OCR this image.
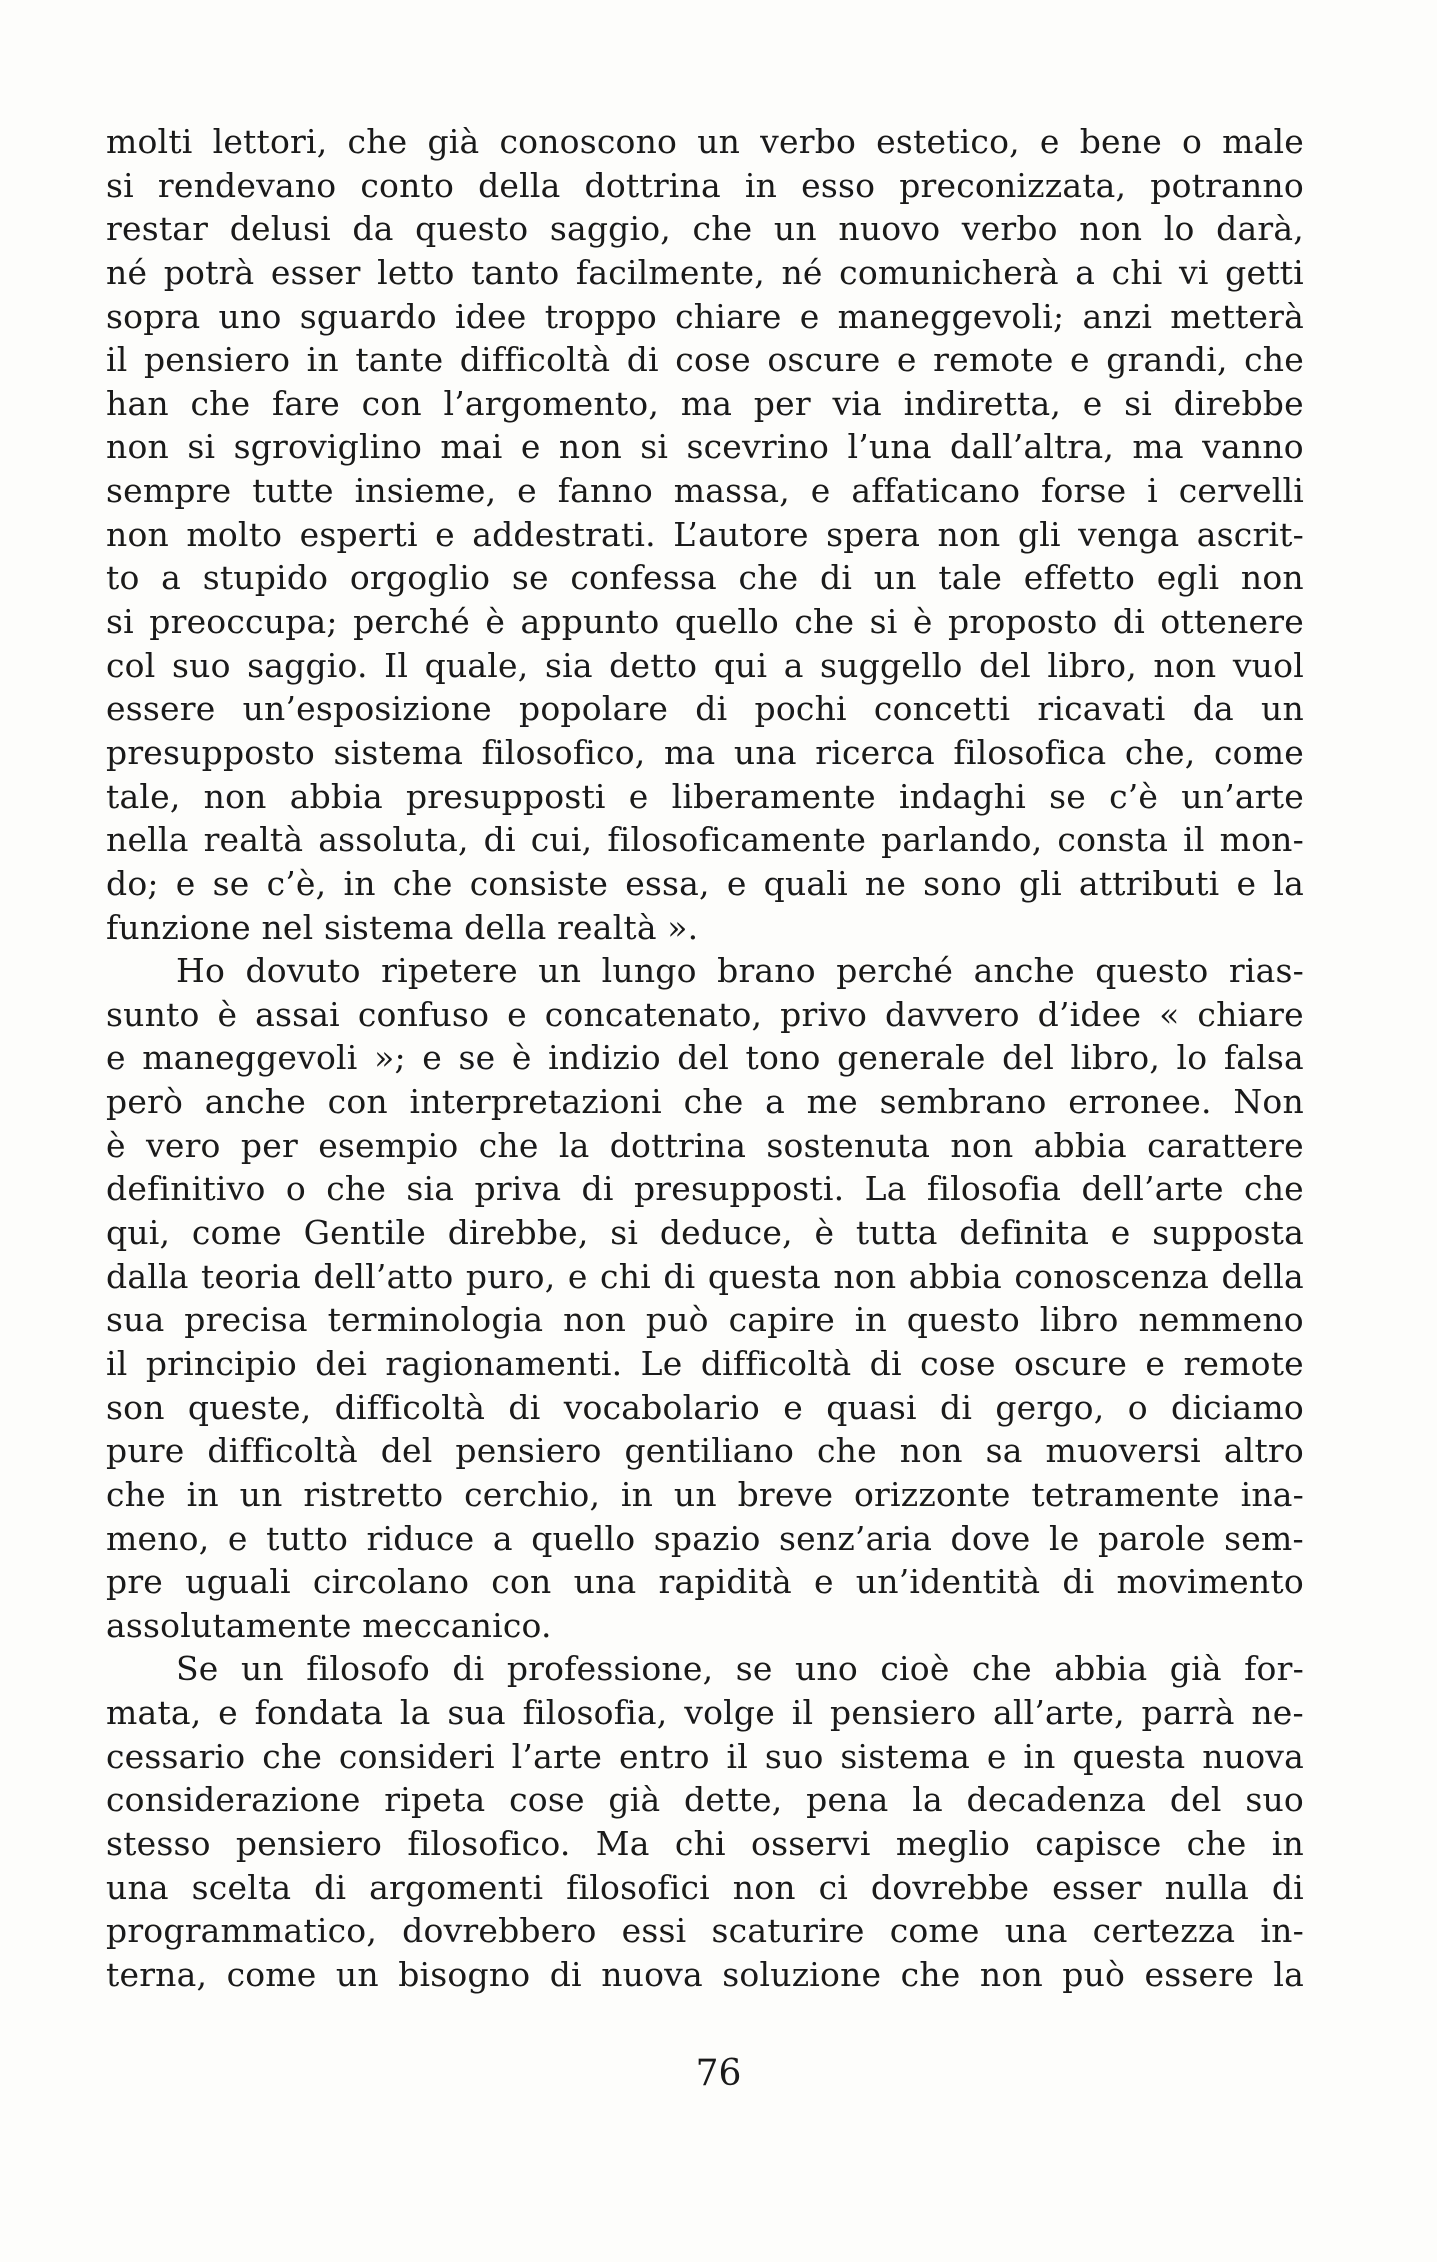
molti lettori, che già conoscono un verbo estetico, e bene o male
si rendevano conto della dottrina in esso preconizzata, potranno
restar delusi da questo saggio, che un nuovo verbo non lo darà,
né potrà esser letto tanto facilmente, né comunicherà a chi vi getti
sopra uno sguardo idee troppo chiare e maneggevoli; anzi metterà
il pensiero in tante difficoltà di cose oscure e remote e grandi, che
han che fare con l’argomento, ma per via indiretta, e si direbbe
non si sgroviglino mai e non si scevrino l’una dall’altra, ma vanno
sempre tutte insieme, e fanno massa, e affaticano forse i cervelli
non molto esperti e addestrati. L’autore spera non gli venga ascrit-
to a stupido orgoglio se confessa che di un tale effetto egli non
si preoccupa; perché è appunto quello che si è proposto di ottenere
col suo saggio. Il quale, sia detto qui a suggello del libro, non vuol
essere un’esposizione popolare di pochi concetti ricavati da un
presupposto sistema filosofico, ma una ricerca filosofica che, come
tale, non abbia presupposti e liberamente indaghi se c’è un’arte
nella realtà assoluta, di cui, filosoficamente parlando, consta il mon-
do; e se c’è, in che consiste essa, e quali ne sono gli attributi e la
funzione nel sistema della realtà ».
Ho dovuto ripetere un lungo brano perché anche questo rias-
sunto è assai confuso e concatenato, privo davvero d’idee « chiare
e maneggevoli »; e se è indizio del tono generale del libro, lo falsa
però anche con interpretazioni che a me sembrano erronee. Non
è vero per esempio che la dottrina sostenuta non abbia carattere
definitivo o che sia priva di presupposti. La filosofia dell’arte che
qui, come Gentile direbbe, si deduce, è tutta definita e supposta
dalla teoria dell’atto puro, e chi di questa non abbia conoscenza della
sua precisa terminologia non può capire in questo libro nemmeno
il principio dei ragionamenti. Le difficoltà di cose oscure e remote
son queste, difficoltà di vocabolario e quasi di gergo, o diciamo
pure difficoltà del pensiero gentiliano che non sa muoversi altro
che in un ristretto cerchio, in un breve orizzonte tetramente ina-
meno, e tutto riduce a quello spazio senz’aria dove le parole sem-
pre uguali circolano con una rapidità e un’identità di movimento
assolutamente meccanico.
Se un filosofo di professione, se uno cioè che abbia già for-
mata, e fondata la sua filosofia, volge il pensiero all’arte, parrà ne-
cessario che consideri l’arte entro il suo sistema e in questa nuova
considerazione ripeta cose già dette, pena la decadenza del suo
stesso pensiero filosofico. Ma chi osservi meglio capisce che in
una scelta di argomenti filosofici non ci dovrebbe esser nulla di
programmatico, dovrebbero essi scaturire come una certezza in-
terna, come un bisogno di nuova soluzione che non può essere la
76
